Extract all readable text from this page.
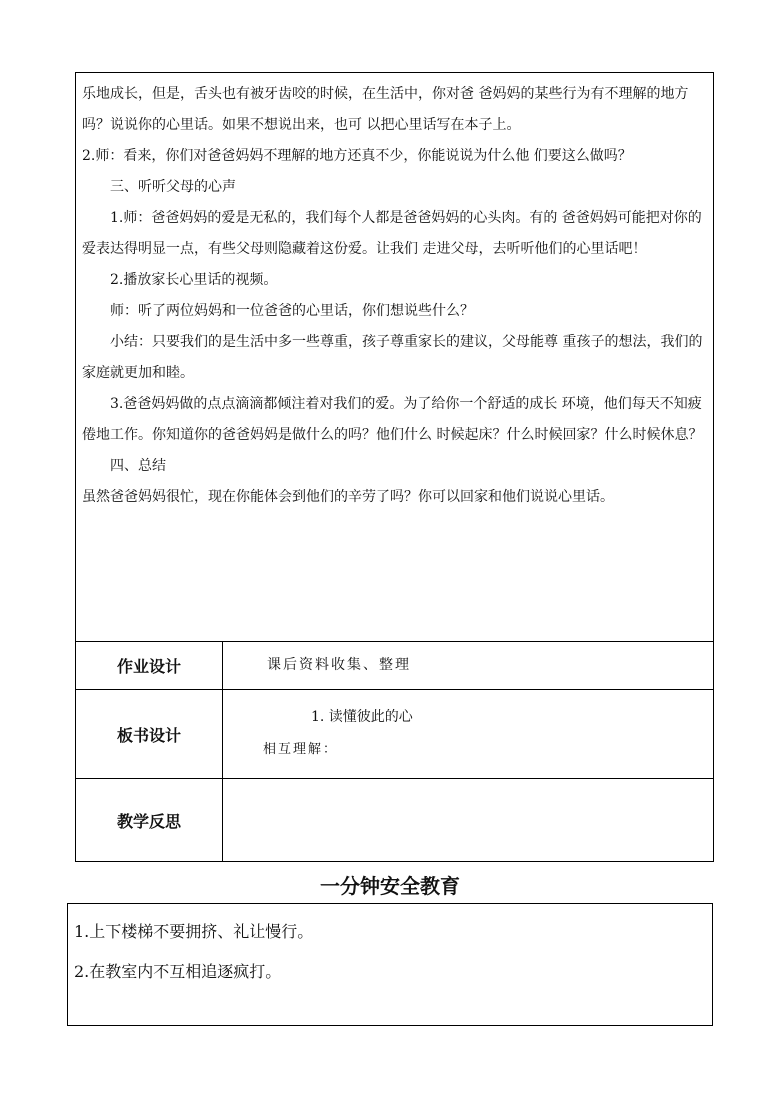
乐地成长，但是，舌头也有被牙齿咬的时候，在生活中，你对爸 爸妈妈的某些行为有不理解的地方吗？说说你的心里话。如果不想说出来，也可 以把心里话写在本子上。

2.师：看来，你们对爸爸妈妈不理解的地方还真不少，你能说说为什么他 们要这么做吗？

三、听听父母的心声

1.师：爸爸妈妈的爱是无私的，我们每个人都是爸爸妈妈的心头肉。有的 爸爸妈妈可能把对你的爱表达得明显一点，有些父母则隐藏着这份爱。让我们 走进父母，去听听他们的心里话吧！

2.播放家长心里话的视频。

师：听了两位妈妈和一位爸爸的心里话，你们想说些什么？

小结：只要我们的是生活中多一些尊重，孩子尊重家长的建议，父母能尊 重孩子的想法，我们的家庭就更加和睦。

3.爸爸妈妈做的点点滴滴都倾注着对我们的爱。为了给你一个舒适的成长 环境，他们每天不知疲倦地工作。你知道你的爸爸妈妈是做什么的吗？他们什么 时候起床？什么时候回家？什么时候休息？

四、总结

虽然爸爸妈妈很忙，现在你能体会到他们的辛劳了吗？你可以回家和他们说说心里话。

作业设计	课后资料收集、整理
板书设计
1. 读懂彼此的心
相互理解：
教学反思
一分钟安全教育

1.上下楼梯不要拥挤、礼让慢行。

2.在教室内不互相追逐疯打。
